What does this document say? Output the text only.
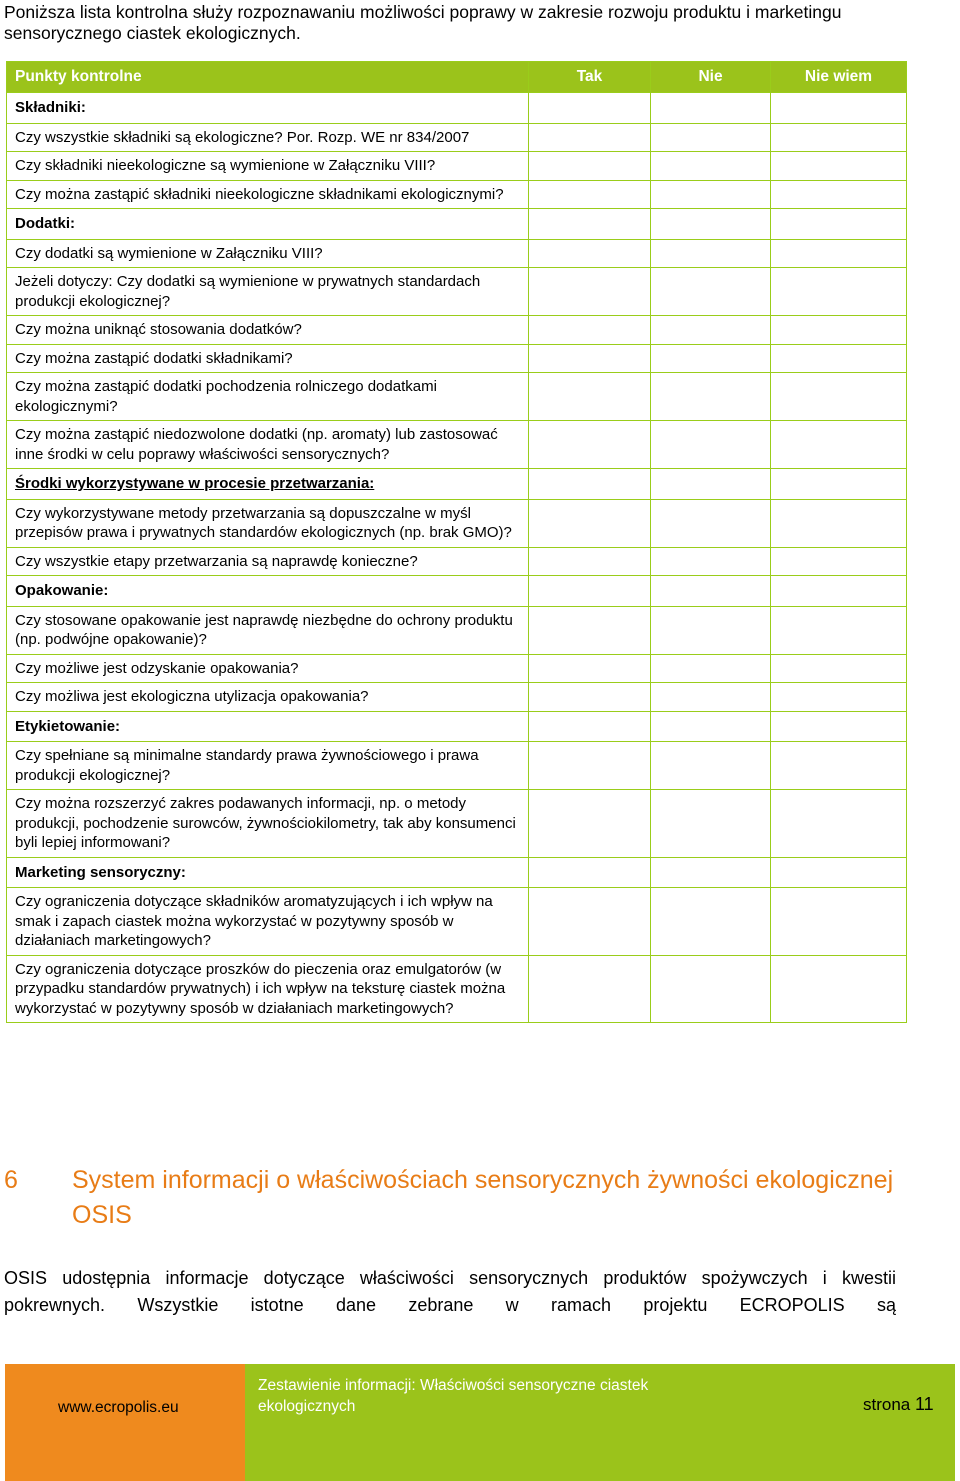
Poniższa lista kontrolna służy rozpoznawaniu możliwości poprawy w zakresie rozwoju produktu i marketingu sensorycznego ciastek ekologicznych.
Punkty kontrolne	Tak	Nie	Nie wiem
Składniki:			
Czy wszystkie składniki są ekologiczne? Por. Rozp. WE nr 834/2007			
Czy składniki nieekologiczne są wymienione w Załączniku VIII?			
Czy można zastąpić składniki nieekologiczne składnikami ekologicznymi?			
Dodatki:			
Czy dodatki są wymienione w Załączniku VIII?			
Jeżeli dotyczy: Czy dodatki są wymienione w prywatnych standardach produkcji ekologicznej?			
Czy można uniknąć stosowania dodatków?			
Czy można zastąpić dodatki składnikami?			
Czy można zastąpić dodatki pochodzenia rolniczego dodatkami ekologicznymi?			
Czy można zastąpić niedozwolone dodatki (np. aromaty) lub zastosować inne środki w celu poprawy właściwości sensorycznych?			
Środki wykorzystywane w procesie przetwarzania:			
Czy wykorzystywane metody przetwarzania są dopuszczalne w myśl przepisów prawa i prywatnych standardów ekologicznych (np. brak GMO)?			
Czy wszystkie etapy przetwarzania są naprawdę konieczne?			
Opakowanie:			
Czy stosowane opakowanie jest naprawdę niezbędne do ochrony produktu (np. podwójne opakowanie)?			
Czy możliwe jest odzyskanie opakowania?			
Czy możliwa jest ekologiczna utylizacja opakowania?			
Etykietowanie:			
Czy spełniane są minimalne standardy prawa żywnościowego i prawa produkcji ekologicznej?			
Czy można rozszerzyć zakres podawanych informacji, np. o metody produkcji, pochodzenie surowców, żywnościokilometry, tak aby konsumenci byli lepiej informowani?			
Marketing sensoryczny:			
Czy ograniczenia dotyczące składników aromatyzujących i ich wpływ na smak i zapach ciastek można wykorzystać w pozytywny sposób w działaniach marketingowych?			
Czy ograniczenia dotyczące proszków do pieczenia oraz emulgatorów (w przypadku standardów prywatnych) i ich wpływ na teksturę ciastek można wykorzystać w pozytywny sposób w działaniach marketingowych?			
6	System informacji o właściwościach sensorycznych żywności ekologicznej OSIS
OSIS udostępnia informacje dotyczące właściwości sensorycznych produktów spożywczych i kwestii pokrewnych. Wszystkie istotne dane zebrane w ramach projektu ECROPOLIS są
www.ecropolis.eu
Zestawienie informacji: Właściwości sensoryczne ciastek ekologicznych	strona 11
